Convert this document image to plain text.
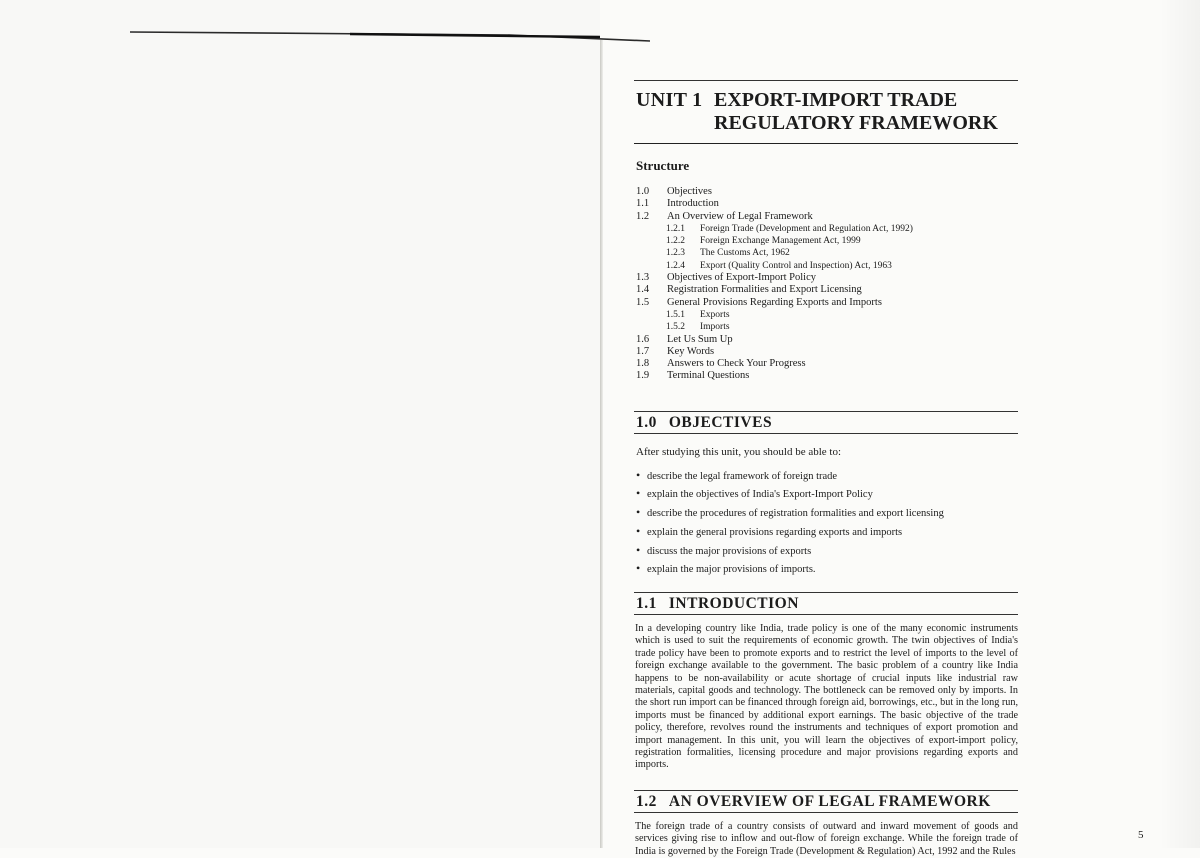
UNIT 1 EXPORT-IMPORT TRADE
REGULATORY FRAMEWORK
Structure
1.0 Objectives
1.1 Introduction
1.2 An Overview of Legal Framework
1.2.1 Foreign Trade (Development and Regulation Act, 1992)
1.2.2 Foreign Exchange Management Act, 1999
1.2.3 The Customs Act, 1962
1.2.4 Export (Quality Control and Inspection) Act, 1963
1.3 Objectives of Export-Import Policy
1.4 Registration Formalities and Export Licensing
1.5 General Provisions Regarding Exports and Imports
1.5.1 Exports
1.5.2 Imports
1.6 Let Us Sum Up
1.7 Key Words
1.8 Answers to Check Your Progress
1.9 Terminal Questions
1.0 OBJECTIVES
After studying this unit, you should be able to:
• describe the legal framework of foreign trade
• explain the objectives of India's Export-Import Policy
• describe the procedures of registration formalities and export licensing
• explain the general provisions regarding exports and imports
• discuss the major provisions of exports
• explain the major provisions of imports.
1.1 INTRODUCTION

In a developing country like India, trade policy is one of the many economic instruments which is used to suit the requirements of economic growth. The twin objectives of India's trade policy have been to promote exports and to restrict the level of imports to the level of foreign exchange available to the government. The basic problem of a country like India happens to be non-availability or acute shortage of crucial inputs like industrial raw materials, capital goods and technology. The bottleneck can be removed only by imports. In the short run import can be financed through foreign aid, borrowings, etc., but in the long run, imports must be financed by additional export earnings. The basic objective of the trade policy, therefore, revolves round the instruments and techniques of export promotion and import management. In this unit, you will learn the objectives of export-import policy, registration formalities, licensing procedure and major provisions regarding exports and imports.

1.2 AN OVERVIEW OF LEGAL FRAMEWORK

The foreign trade of a country consists of outward and inward movement of goods and services giving rise to inflow and out-flow of foreign exchange. While the foreign trade of India is governed by the Foreign Trade (Development & Regulation) Act, 1992 and the Rules

5
